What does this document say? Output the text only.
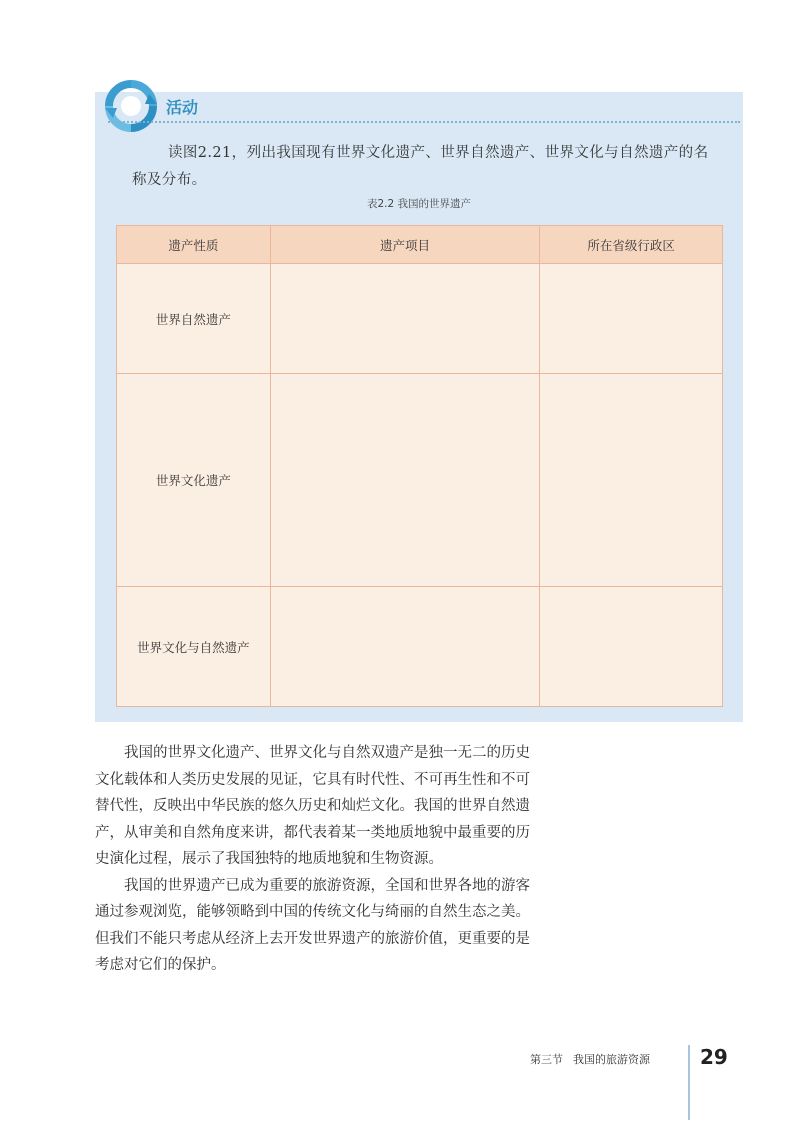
活动
读图2.21，列出我国现有世界文化遗产、世界自然遗产、世界文化与自然遗产的名称及分布。
表2.2 我国的世界遗产
遗产性质	遗产项目	所在省级行政区
世界自然遗产		
世界文化遗产		
世界文化与自然遗产		

我国的世界文化遗产、世界文化与自然双遗产是独一无二的历史文化载体和人类历史发展的见证，它具有时代性、不可再生性和不可替代性，反映出中华民族的悠久历史和灿烂文化。我国的世界自然遗产，从审美和自然角度来讲，都代表着某一类地质地貌中最重要的历史演化过程，展示了我国独特的地质地貌和生物资源。

我国的世界遗产已成为重要的旅游资源，全国和世界各地的游客通过参观浏览，能够领略到中国的传统文化与绮丽的自然生态之美。但我们不能只考虑从经济上去开发世界遗产的旅游价值，更重要的是考虑对它们的保护。

第三节 我国的旅游资源	29
